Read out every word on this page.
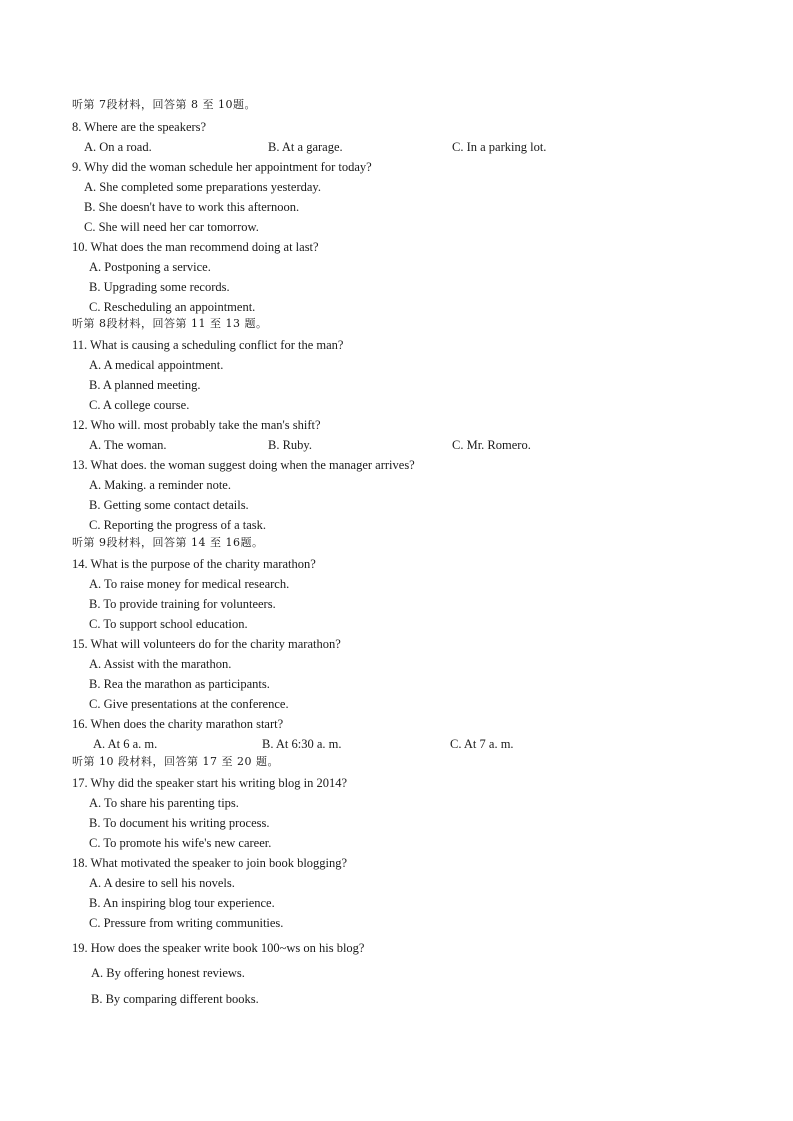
听第 7段材料，回答第 8 至 10题。
8. Where are the speakers?
A. On a road.	B. At a garage.	C. In a parking lot.
9. Why did the woman schedule her appointment for today?
A. She completed some preparations yesterday.
B. She doesn't have to work this afternoon.
C. She will need her car tomorrow.
10. What does the man recommend doing at last?
A. Postponing a service.
B. Upgrading some records.
C. Rescheduling an appointment.
听第 8段材料，回答第 11 至 13 题。
11. What is causing a scheduling conflict for the man?
A. A medical appointment.
B. A planned meeting.
C. A college course.
12. Who will. most probably take the man's shift?
A. The woman.	B. Ruby.	C. Mr. Romero.
13. What does. the woman suggest doing when the manager arrives?
A. Making. a reminder note.
B. Getting some contact details.
C. Reporting the progress of a task.
听第 9段材料，回答第 14 至 16题。
14. What is the purpose of the charity marathon?
A. To raise money for medical research.
B. To provide training for volunteers.
C. To support school education.
15. What will volunteers do for the charity marathon?
A. Assist with the marathon.
B. Rea the marathon as participants.
C. Give presentations at the conference.
16. When does the charity marathon start?
A. At 6 a. m.	B. At 6:30 a. m.	C. At 7 a. m.
听第 10 段材料，回答第 17 至 20 题。
17. Why did the speaker start his writing blog in 2014?
A. To share his parenting tips.
B. To document his writing process.
C. To promote his wife's new career.
18. What motivated the speaker to join book blogging?
A. A desire to sell his novels.
B. An inspiring blog tour experience.
C. Pressure from writing communities.
19. How does the speaker write book 100~ws on his blog?
A. By offering honest reviews.
B. By comparing different books.
